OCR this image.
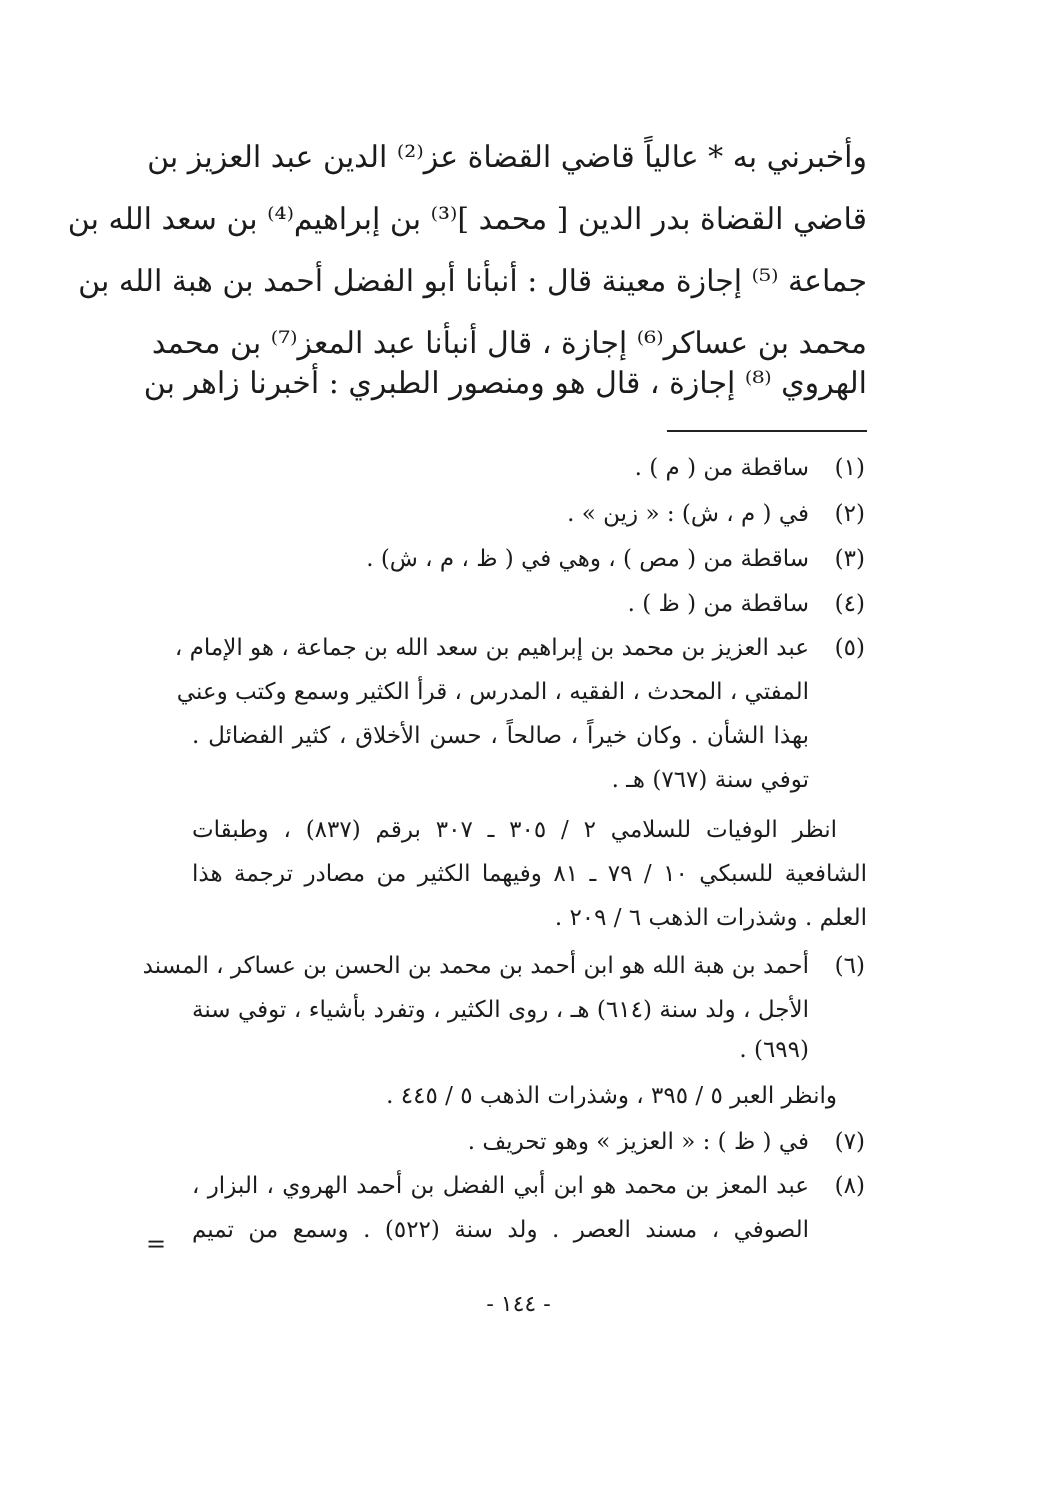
وأخبرني به * عالياً قاضي القضاة عز⁽²⁾ الدين عبد العزيز بن
قاضي القضاة بدر الدين [ محمد ]⁽³⁾ بن إبراهيم⁽⁴⁾ بن سعد الله بن
جماعة ⁽⁵⁾ إجازة معينة قال : أنبأنا أبو الفضل أحمد بن هبة الله بن
محمد بن عساكر⁽⁶⁾ إجازة ، قال أنبأنا عبد المعز⁽⁷⁾ بن محمد
الهروي ⁽⁸⁾ إجازة ، قال هو ومنصور الطبري : أخبرنا زاهر بن
(١)
ساقطة من ( م ) .
(٢)
في ( م ، ش) : « زين » .
(٣)
ساقطة من ( مص ) ، وهي في ( ظ ، م ، ش) .
(٤)
ساقطة من ( ظ ) .
(٥)
عبد العزيز بن محمد بن إبراهيم بن سعد الله بن جماعة ، هو الإمام ،
المفتي ، المحدث ، الفقيه ، المدرس ، قرأ الكثير وسمع وكتب وعني
بهذا الشأن . وكان خيراً ، صالحاً ، حسن الأخلاق ، كثير الفضائل .
توفي سنة (٧٦٧) هـ .
انظر الوفيات للسلامي ٢ / ٣٠٥ ـ ٣٠٧ برقم (٨٣٧) ، وطبقات
الشافعية للسبكي ١٠ / ٧٩ ـ ٨١ وفيهما الكثير من مصادر ترجمة هذا
العلم . وشذرات الذهب ٦ / ٢٠٩ .
(٦)
أحمد بن هبة الله هو ابن أحمد بن محمد بن الحسن بن عساكر ، المسند
الأجل ، ولد سنة (٦١٤) هـ ، روى الكثير ، وتفرد بأشياء ، توفي سنة
(٦٩٩) .
وانظر العبر ٥ / ٣٩٥ ، وشذرات الذهب ٥ / ٤٤٥ .
(٧)
في ( ظ ) : « العزيز » وهو تحريف .
(٨)
عبد المعز بن محمد هو ابن أبي الفضل بن أحمد الهروي ، البزار ،
الصوفي ، مسند العصر . ولد سنة (٥٢٢) . وسمع من تميم
=
- ١٤٤ -
